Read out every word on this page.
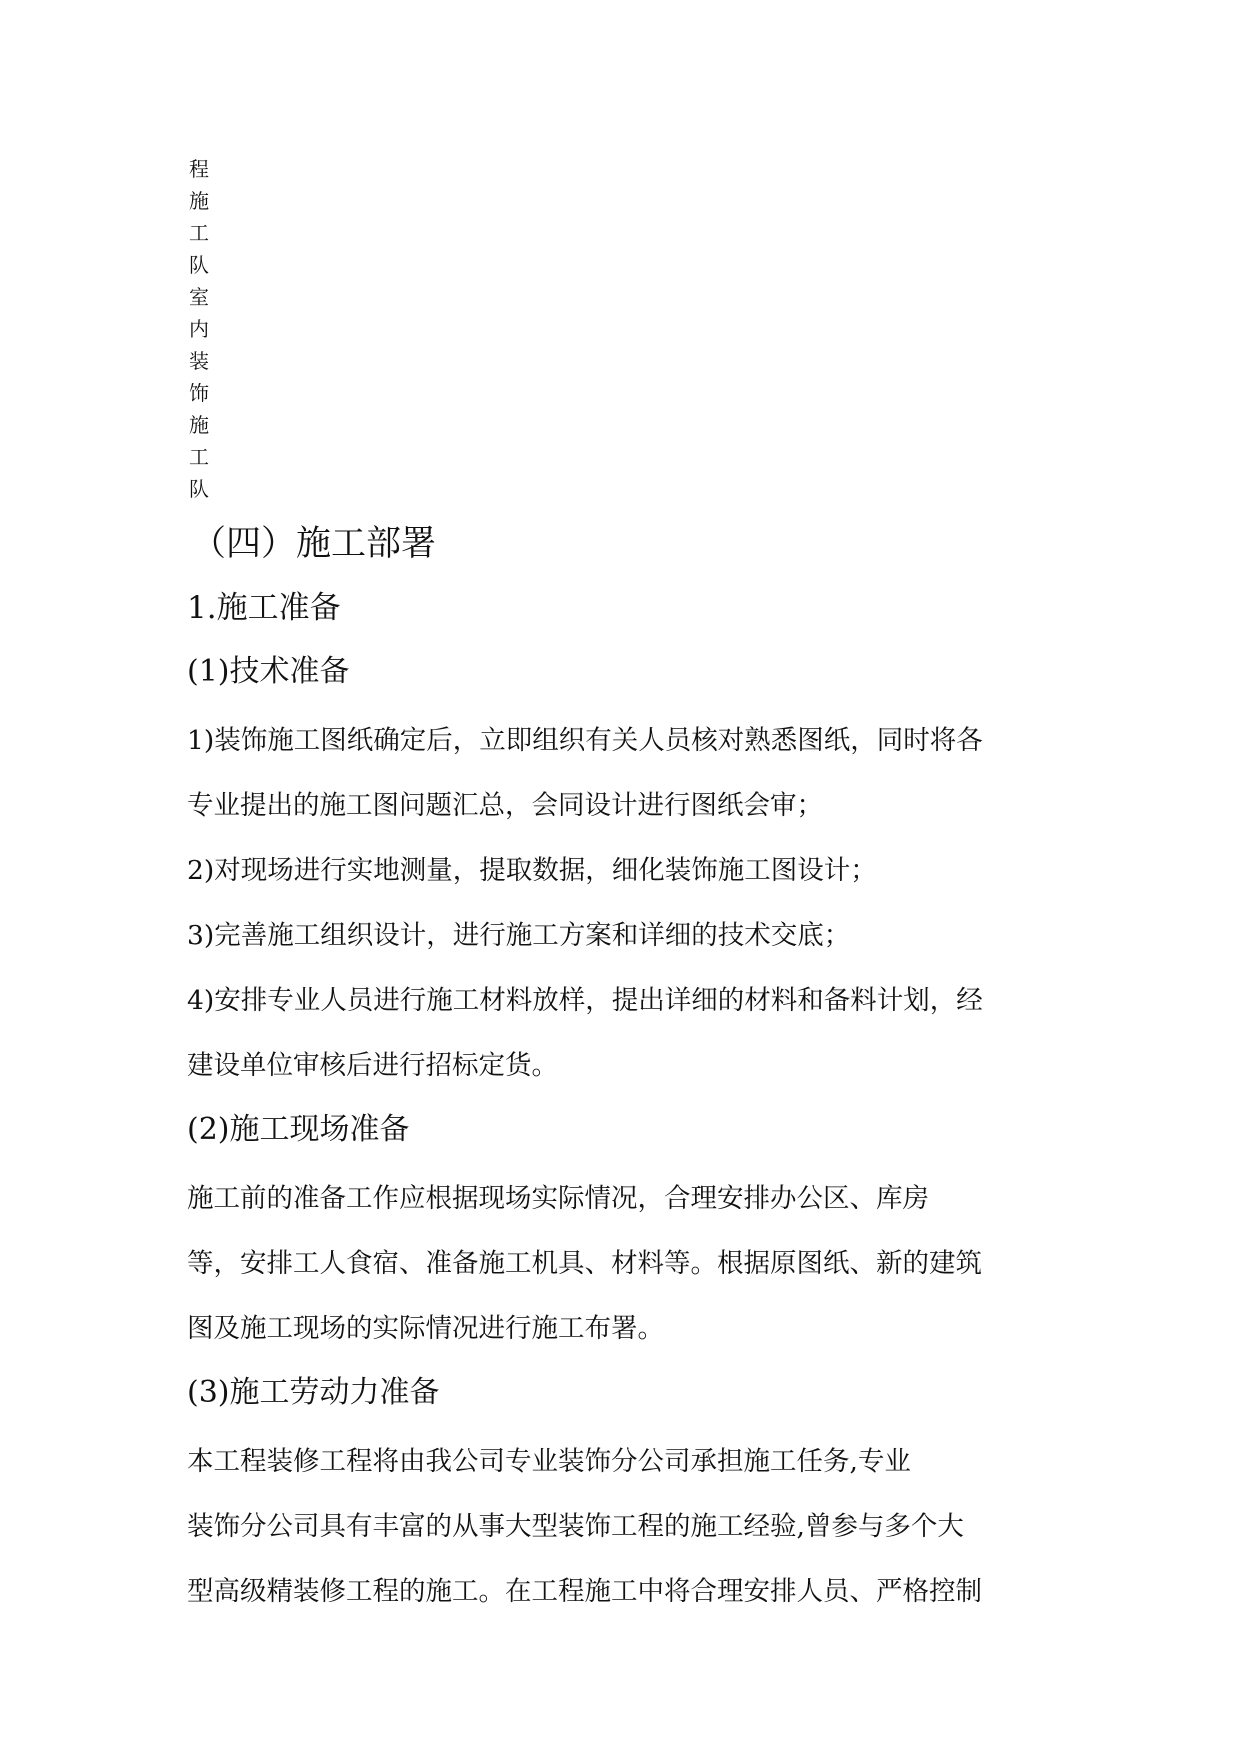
程
施
工
队
室
内
装
饰
施
工
队
（四）施工部署
1.施工准备
(1)技术准备
1)装饰施工图纸确定后，立即组织有关人员核对熟悉图纸，同时将各
专业提出的施工图问题汇总，会同设计进行图纸会审；
2)对现场进行实地测量，提取数据，细化装饰施工图设计；
3)完善施工组织设计，进行施工方案和详细的技术交底；
4)安排专业人员进行施工材料放样，提出详细的材料和备料计划，经
建设单位审核后进行招标定货。
(2)施工现场准备
施工前的准备工作应根据现场实际情况，合理安排办公区、库房
等，安排工人食宿、准备施工机具、材料等。根据原图纸、新的建筑
图及施工现场的实际情况进行施工布署。
(3)施工劳动力准备
本工程装修工程将由我公司专业装饰分公司承担施工任务,专业
装饰分公司具有丰富的从事大型装饰工程的施工经验,曾参与多个大
型高级精装修工程的施工。在工程施工中将合理安排人员、严格控制
